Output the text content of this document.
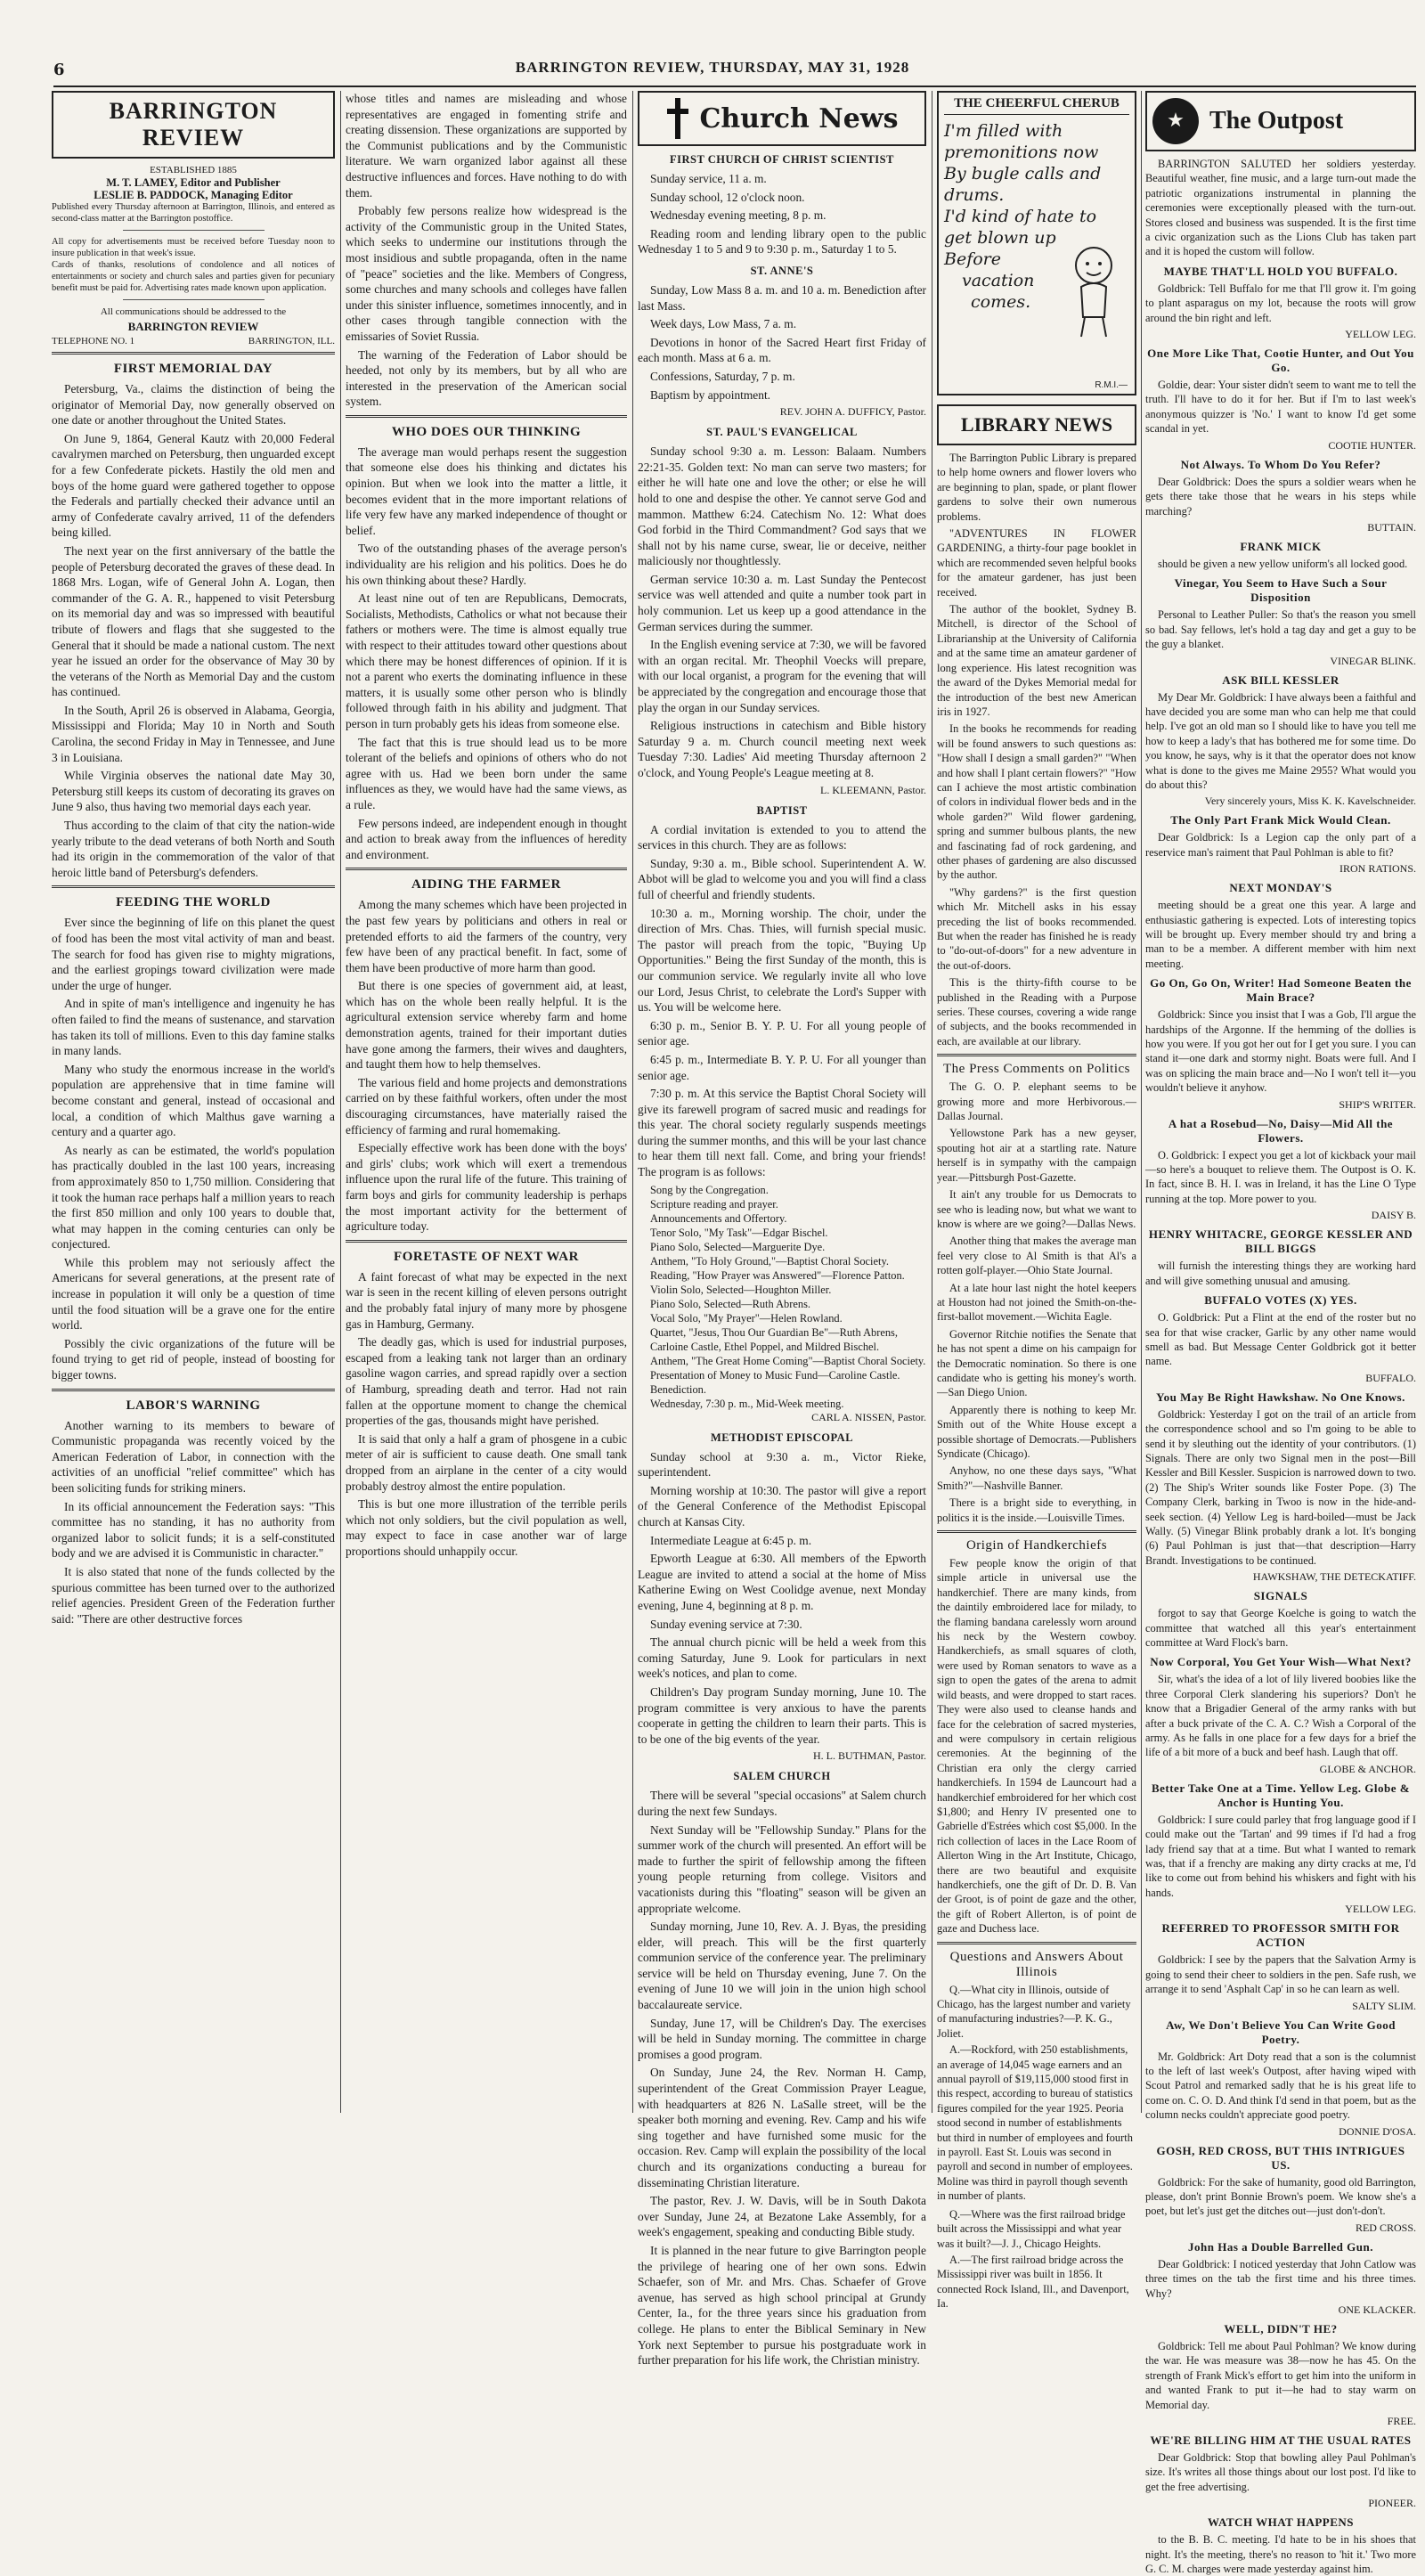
6	BARRINGTON REVIEW, THURSDAY, MAY 31, 1928
BARRINGTON REVIEW

ESTABLISHED 1885

M. T. LAMEY, Editor and Publisher

LESLIE B. PADDOCK, Managing Editor

Published every Thursday afternoon at Barrington, Illinois, and entered as second-class matter at the Barrington postoffice.

All copy for advertisements must be received before Tuesday noon to insure publication in that week's issue.

Cards of thanks, resolutions of condolence and all notices of entertainments or society and church sales and parties given for pecuniary benefit must be paid for. Advertising rates made known upon application.

All communications should be addressed to the

BARRINGTON REVIEW

TELEPHONE NO. 1	BARRINGTON, ILL.
FIRST MEMORIAL DAY

Petersburg, Va., claims the distinction of being the originator of Memorial Day, now generally observed on one date or another throughout the United States.

On June 9, 1864, General Kautz with 20,000 Federal cavalrymen marched on Petersburg, then unguarded except for a few Confederate pickets. Hastily the old men and boys of the home guard were gathered together to oppose the Federals and partially checked their advance until an army of Confederate cavalry arrived, 11 of the defenders being killed.

The next year on the first anniversary of the battle the people of Petersburg decorated the graves of these dead. In 1868 Mrs. Logan, wife of General John A. Logan, then commander of the G. A. R., happened to visit Petersburg on its memorial day and was so impressed with beautiful tribute of flowers and flags that she suggested to the General that it should be made a national custom. The next year he issued an order for the observance of May 30 by the veterans of the North as Memorial Day and the custom has continued.

In the South, April 26 is observed in Alabama, Georgia, Mississippi and Florida; May 10 in North and South Carolina, the second Friday in May in Tennessee, and June 3 in Louisiana.

While Virginia observes the national date May 30, Petersburg still keeps its custom of decorating its graves on June 9 also, thus having two memorial days each year.

Thus according to the claim of that city the nation-wide yearly tribute to the dead veterans of both North and South had its origin in the commemoration of the valor of that heroic little band of Petersburg's defenders.

FEEDING THE WORLD

Ever since the beginning of life on this planet the quest of food has been the most vital activity of man and beast. The search for food has given rise to mighty migrations, and the earliest gropings toward civilization were made under the urge of hunger.

And in spite of man's intelligence and ingenuity he has often failed to find the means of sustenance, and starvation has taken its toll of millions. Even to this day famine stalks in many lands.

Many who study the enormous increase in the world's population are apprehensive that in time famine will become constant and general, instead of occasional and local, a condition of which Malthus gave warning a century and a quarter ago.

As nearly as can be estimated, the world's population has practically doubled in the last 100 years, increasing from approximately 850 to 1,750 million. Considering that it took the human race perhaps half a million years to reach the first 850 million and only 100 years to double that, what may happen in the coming centuries can only be conjectured.

While this problem may not seriously affect the Americans for several generations, at the present rate of increase in population it will only be a question of time until the food situation will be a grave one for the entire world.

Possibly the civic organizations of the future will be found trying to get rid of people, instead of boosting for bigger towns.

LABOR'S WARNING

Another warning to its members to beware of Communistic propaganda was recently voiced by the American Federation of Labor, in connection with the activities of an unofficial "relief committee" which has been soliciting funds for striking miners.

In its official announcement the Federation says: "This committee has no standing, it has no authority from organized labor to solicit funds; it is a self-constituted body and we are advised it is Communistic in character."

It is also stated that none of the funds collected by the spurious committee has been turned over to the authorized relief agencies. President Green of the Federation further said: "There are other destructive forces

whose titles and names are misleading and whose representatives are engaged in fomenting strife and creating dissension. These organizations are supported by the Communist publications and by the Communistic literature. We warn organized labor against all these destructive influences and forces. Have nothing to do with them.

Probably few persons realize how widespread is the activity of the Communistic group in the United States, which seeks to undermine our institutions through the most insidious and subtle propaganda, often in the name of "peace" societies and the like. Members of Congress, some churches and many schools and colleges have fallen under this sinister influence, sometimes innocently, and in other cases through tangible connection with the emissaries of Soviet Russia.

The warning of the Federation of Labor should be heeded, not only by its members, but by all who are interested in the preservation of the American social system.

WHO DOES OUR THINKING

The average man would perhaps resent the suggestion that someone else does his thinking and dictates his opinion. But when we look into the matter a little, it becomes evident that in the more important relations of life very few have any marked independence of thought or belief.

Two of the outstanding phases of the average person's individuality are his religion and his politics. Does he do his own thinking about these? Hardly.

At least nine out of ten are Republicans, Democrats, Socialists, Methodists, Catholics or what not because their fathers or mothers were. The time is almost equally true with respect to their attitudes toward other questions about which there may be honest differences of opinion. If it is not a parent who exerts the dominating influence in these matters, it is usually some other person who is blindly followed through faith in his ability and judgment. That person in turn probably gets his ideas from someone else.

The fact that this is true should lead us to be more tolerant of the beliefs and opinions of others who do not agree with us. Had we been born under the same influences as they, we would have had the same views, as a rule.

Few persons indeed, are independent enough in thought and action to break away from the influences of heredity and environment.

AIDING THE FARMER

Among the many schemes which have been projected in the past few years by politicians and others in real or pretended efforts to aid the farmers of the country, very few have been of any practical benefit. In fact, some of them have been productive of more harm than good.

But there is one species of government aid, at least, which has on the whole been really helpful. It is the agricultural extension service whereby farm and home demonstration agents, trained for their important duties have gone among the farmers, their wives and daughters, and taught them how to help themselves.

The various field and home projects and demonstrations carried on by these faithful workers, often under the most discouraging circumstances, have materially raised the efficiency of farming and rural homemaking.

Especially effective work has been done with the boys' and girls' clubs; work which will exert a tremendous influence upon the rural life of the future. This training of farm boys and girls for community leadership is perhaps the most important activity for the betterment of agriculture today.

FORETASTE OF NEXT WAR

A faint forecast of what may be expected in the next war is seen in the recent killing of eleven persons outright and the probably fatal injury of many more by phosgene gas in Hamburg, Germany.

The deadly gas, which is used for industrial purposes, escaped from a leaking tank not larger than an ordinary gasoline wagon carries, and spread rapidly over a section of Hamburg, spreading death and terror. Had not rain fallen at the opportune moment to change the chemical properties of the gas, thousands might have perished.

It is said that only a half a gram of phosgene in a cubic meter of air is sufficient to cause death. One small tank dropped from an airplane in the center of a city would probably destroy almost the entire population.

This is but one more illustration of the terrible perils which not only soldiers, but the civil population as well, may expect to face in case another war of large proportions should unhappily occur.

Church News
FIRST CHURCH OF CHRIST SCIENTIST

Sunday service, 11 a. m.

Sunday school, 12 o'clock noon.

Wednesday evening meeting, 8 p. m.

Reading room and lending library open to the public Wednesday 1 to 5 and 9 to 9:30 p. m., Saturday 1 to 5.

ST. ANNE'S

Sunday, Low Mass 8 a. m. and 10 a. m. Benediction after last Mass.

Week days, Low Mass, 7 a. m.

Devotions in honor of the Sacred Heart first Friday of each month. Mass at 6 a. m.

Confessions, Saturday, 7 p. m.

Baptism by appointment.

REV. JOHN A. DUFFICY, Pastor.

ST. PAUL'S EVANGELICAL

Sunday school 9:30 a. m. Lesson: Balaam. Numbers 22:21-35. Golden text: No man can serve two masters; for either he will hate one and love the other; or else he will hold to one and despise the other. Ye cannot serve God and mammon. Matthew 6:24. Catechism No. 12: What does God forbid in the Third Commandment? God says that we shall not by his name curse, swear, lie or deceive, neither maliciously nor thoughtlessly.

German service 10:30 a. m. Last Sunday the Pentecost service was well attended and quite a number took part in holy communion. Let us keep up a good attendance in the German services during the summer.

In the English evening service at 7:30, we will be favored with an organ recital. Mr. Theophil Voecks will prepare, with our local organist, a program for the evening that will be appreciated by the congregation and encourage those that play the organ in our Sunday services.

Religious instructions in catechism and Bible history Saturday 9 a. m. Church council meeting next week Tuesday 7:30. Ladies' Aid meeting Thursday afternoon 2 o'clock, and Young People's League meeting at 8.

L. KLEEMANN, Pastor.

BAPTIST

A cordial invitation is extended to you to attend the services in this church. They are as follows:

Sunday, 9:30 a. m., Bible school. Superintendent A. W. Abbot will be glad to welcome you and you will find a class full of cheerful and friendly students.

10:30 a. m., Morning worship. The choir, under the direction of Mrs. Chas. Thies, will furnish special music. The pastor will preach from the topic, "Buying Up Opportunities." Being the first Sunday of the month, this is our communion service. We regularly invite all who love our Lord, Jesus Christ, to celebrate the Lord's Supper with us. You will be welcome here.

6:30 p. m., Senior B. Y. P. U. For all young people of senior age.

6:45 p. m., Intermediate B. Y. P. U. For all younger than senior age.

7:30 p. m. At this service the Baptist Choral Society will give its farewell program of sacred music and readings for this year. The choral society regularly suspends meetings during the summer months, and this will be your last chance to hear them till next fall. Come, and bring your friends! The program is as follows:

Song by the Congregation.

Scripture reading and prayer.

Announcements and Offertory.

Tenor Solo, "My Task"—Edgar Bischel.

Piano Solo, Selected—Marguerite Dye.

Anthem, "To Holy Ground,"—Baptist Choral Society.

Reading, "How Prayer was Answered"—Florence Patton.

Violin Solo, Selected—Houghton Miller.

Piano Solo, Selected—Ruth Abrens.

Vocal Solo, "My Prayer"—Helen Rowland.

Quartet, "Jesus, Thou Our Guardian Be"—Ruth Abrens, Carloine Castle, Ethel Poppel, and Mildred Bischel.

Anthem, "The Great Home Coming"—Baptist Choral Society.

Presentation of Money to Music Fund—Caroline Castle.

Benediction.

Wednesday, 7:30 p. m., Mid-Week meeting.

CARL A. NISSEN, Pastor.

METHODIST EPISCOPAL

Sunday school at 9:30 a. m., Victor Rieke, superintendent.

Morning worship at 10:30. The pastor will give a report of the General Conference of the Methodist Episcopal church at Kansas City.

Intermediate League at 6:45 p. m.

Epworth League at 6:30. All members of the Epworth League are invited to attend a social at the home of Miss Katherine Ewing on West Coolidge avenue, next Monday evening, June 4, beginning at 8 p. m.

Sunday evening service at 7:30.

The annual church picnic will be held a week from this coming Saturday, June 9. Look for particulars in next week's notices, and plan to come.

Children's Day program Sunday morning, June 10. The program committee is very anxious to have the parents cooperate in getting the children to learn their parts. This is to be one of the big events of the year.

H. L. BUTHMAN, Pastor.

SALEM CHURCH

There will be several "special occasions" at Salem church during the next few Sundays.

Next Sunday will be "Fellowship Sunday." Plans for the summer work of the church will presented. An effort will be made to further the spirit of fellowship among the fifteen young people returning from college. Visitors and vacationists during this "floating" season will be given an appropriate welcome.

Sunday morning, June 10, Rev. A. J. Byas, the presiding elder, will preach. This will be the first quarterly communion service of the conference year. The preliminary service will be held on Thursday evening, June 7. On the evening of June 10 we will join in the union high school baccalaureate service.

Sunday, June 17, will be Children's Day. The exercises will be held in Sunday morning. The committee in charge promises a good program.

On Sunday, June 24, the Rev. Norman H. Camp, superintendent of the Great Commission Prayer League, with headquarters at 826 N. LaSalle street, will be the speaker both morning and evening. Rev. Camp and his wife sing together and have furnished some music for the occasion. Rev. Camp will explain the possibility of the local church and its organizations conducting a bureau for disseminating Christian literature.

The pastor, Rev. J. W. Davis, will be in South Dakota over Sunday, June 24, at Bezatone Lake Assembly, for a week's engagement, speaking and conducting Bible study.

It is planned in the near future to give Barrington people the privilege of hearing one of her own sons. Edwin Schaefer, son of Mr. and Mrs. Chas. Schaefer of Grove avenue, has served as high school principal at Grundy Center, Ia., for the three years since his graduation from college. He plans to enter the Biblical Seminary in New York next September to pursue his postgraduate work in further preparation for his life work, the Christian ministry.

THE CHEERFUL CHERUB
I'm filled with
premonitions now
By bugle calls and
drums.
I'd kind of hate to
get blown up
Before
vacation
comes.
R.M.I.—
LIBRARY NEWS

The Barrington Public Library is prepared to help home owners and flower lovers who are beginning to plan, spade, or plant flower gardens to solve their own numerous problems.

"ADVENTURES IN FLOWER GARDENING, a thirty-four page booklet in which are recommended seven helpful books for the amateur gardener, has just been received.

The author of the booklet, Sydney B. Mitchell, is director of the School of Librarianship at the University of California and at the same time an amateur gardener of long experience. His latest recognition was the award of the Dykes Memorial medal for the introduction of the best new American iris in 1927.

In the books he recommends for reading will be found answers to such questions as: "How shall I design a small garden?" "When and how shall I plant certain flowers?" "How can I achieve the most artistic combination of colors in individual flower beds and in the whole garden?" Wild flower gardening, spring and summer bulbous plants, the new and fascinating fad of rock gardening, and other phases of gardening are also discussed by the author.

"Why gardens?" is the first question which Mr. Mitchell asks in his essay preceding the list of books recommended. But when the reader has finished he is ready to "do-out-of-doors" for a new adventure in the out-of-doors.

This is the thirty-fifth course to be published in the Reading with a Purpose series. These courses, covering a wide range of subjects, and the books recommended in each, are available at our library.

The Press Comments on Politics

The G. O. P. elephant seems to be growing more and more Herbivorous.—Dallas Journal.

Yellowstone Park has a new geyser, spouting hot air at a startling rate. Nature herself is in sympathy with the campaign year.—Pittsburgh Post-Gazette.

It ain't any trouble for us Democrats to see who is leading now, but what we want to know is where are we going?—Dallas News.

Another thing that makes the average man feel very close to Al Smith is that Al's a rotten golf-player.—Ohio State Journal.

At a late hour last night the hotel keepers at Houston had not joined the Smith-on-the-first-ballot movement.—Wichita Eagle.

Governor Ritchie notifies the Senate that he has not spent a dime on his campaign for the Democratic nomination. So there is one candidate who is getting his money's worth.—San Diego Union.

Apparently there is nothing to keep Mr. Smith out of the White House except a possible shortage of Democrats.—Publishers Syndicate (Chicago).

Anyhow, no one these days says, "What Smith?"—Nashville Banner.

There is a bright side to everything, in politics it is the inside.—Louisville Times.

Origin of Handkerchiefs

Few people know the origin of that simple article in universal use the handkerchief. There are many kinds, from the daintily embroidered lace for milady, to the flaming bandana carelessly worn around his neck by the Western cowboy. Handkerchiefs, as small squares of cloth, were used by Roman senators to wave as a sign to open the gates of the arena to admit wild beasts, and were dropped to start races. They were also used to cleanse hands and face for the celebration of sacred mysteries, and were compulsory in certain religious ceremonies. At the beginning of the Christian era only the clergy carried handkerchiefs. In 1594 de Launcourt had a handkerchief embroidered for her which cost $1,800; and Henry IV presented one to Gabrielle d'Estrées which cost $5,000. In the rich collection of laces in the Lace Room of Allerton Wing in the Art Institute, Chicago, there are two beautiful and exquisite handkerchiefs, one the gift of Dr. D. B. Van der Groot, is of point de gaze and the other, the gift of Robert Allerton, is of point de gaze and Duchess lace.

Questions and Answers About Illinois

Q.—What city in Illinois, outside of Chicago, has the largest number and variety of manufacturing industries?—P. K. G., Joliet.

A.—Rockford, with 250 establishments, an average of 14,045 wage earners and an annual payroll of $19,115,000 stood first in this respect, according to bureau of statistics figures compiled for the year 1925. Peoria stood second in number of establishments but third in number of employees and fourth in payroll. East St. Louis was second in payroll and second in number of employees. Moline was third in payroll though seventh in number of plants.

Q.—Where was the first railroad bridge built across the Mississippi and what year was it built?—J. J., Chicago Heights.

A.—The first railroad bridge across the Mississippi river was built in 1856. It connected Rock Island, Ill., and Davenport, Ia.

★	The Outpost

BARRINGTON SALUTED her soldiers yesterday. Beautiful weather, fine music, and a large turn-out made the patriotic organizations instrumental in planning the ceremonies were exceptionally pleased with the turn-out. Stores closed and business was suspended. It is the first time a civic organization such as the Lions Club has taken part and it is hoped the custom will follow.

MAYBE THAT'LL HOLD YOU BUFFALO.

Goldbrick: Tell Buffalo for me that I'll grow it. I'm going to plant asparagus on my lot, because the roots will grow around the bin right and left.

YELLOW LEG.

One More Like That, Cootie Hunter, and Out You Go.

Goldie, dear: Your sister didn't seem to want me to tell the truth. I'll have to do it for her. But if I'm to last week's anonymous quizzer is 'No.' I want to know I'd get some scandal in yet.

COOTIE HUNTER.

Not Always. To Whom Do You Refer?

Dear Goldbrick: Does the spurs a soldier wears when he gets there take those that he wears in his steps while marching?

BUTTAIN.

FRANK MICK

should be given a new yellow uniform's all locked good.

Vinegar, You Seem to Have Such a Sour Disposition

Personal to Leather Puller: So that's the reason you smell so bad. Say fellows, let's hold a tag day and get a guy to be the guy a blanket.

VINEGAR BLINK.

ASK BILL KESSLER

My Dear Mr. Goldbrick: I have always been a faithful and have decided you are some man who can help me that could help. I've got an old man so I should like to have you tell me how to keep a lady's that has bothered me for some time. Do you know, he says, why is it that the operator does not know what is done to the gives me Maine 2955? What would you do about this?

Very sincerely yours, Miss K. K. Kavelschneider.

The Only Part Frank Mick Would Clean.

Dear Goldbrick: Is a Legion cap the only part of a reservice man's raiment that Paul Pohlman is able to fit?

IRON RATIONS.

NEXT MONDAY'S

meeting should be a great one this year. A large and enthusiastic gathering is expected. Lots of interesting topics will be brought up. Every member should try and bring a man to be a member. A different member with him next meeting.

Go On, Go On, Writer! Had Someone Beaten the Main Brace?

Goldbrick: Since you insist that I was a Gob, I'll argue the hardships of the Argonne. If the hemming of the dollies is how you were. If you got her out for I get you sure. I you can stand it—one dark and stormy night. Boats were full. And I was on splicing the main brace and—No I won't tell it—you wouldn't believe it anyhow.

SHIP'S WRITER.

A hat a Rosebud—No, Daisy—Mid All the Flowers.

O. Goldbrick: I expect you get a lot of kickback your mail—so here's a bouquet to relieve them. The Outpost is O. K. In fact, since B. H. I. was in Ireland, it has the Line O Type running at the top. More power to you.

DAISY B.

HENRY WHITACRE, GEORGE KESSLER AND BILL BIGGS

will furnish the interesting things they are working hard and will give something unusual and amusing.

BUFFALO VOTES (X) YES.

O. Goldbrick: Put a Flint at the end of the roster but no sea for that wise cracker, Garlic by any other name would smell as bad. But Message Center Goldbrick got it better name.

BUFFALO.

You May Be Right Hawkshaw. No One Knows.

Goldbrick: Yesterday I got on the trail of an article from the correspondence school and so I'm going to be able to send it by sleuthing out the identity of your contributors. (1) Signals. There are only two Signal men in the post—Bill Kessler and Bill Kessler. Suspicion is narrowed down to two. (2) The Ship's Writer sounds like Foster Pope. (3) The Company Clerk, barking in Twoo is now in the hide-and-seek section. (4) Yellow Leg is hard-boiled—must be Jack Wally. (5) Vinegar Blink probably drank a lot. It's bonging (6) Paul Pohlman is just that—that description—Harry Brandt. Investigations to be continued.

HAWKSHAW, THE DETECKATIFF.

SIGNALS

forgot to say that George Koelche is going to watch the committee that watched all this year's entertainment committee at Ward Flock's barn.

Now Corporal, You Get Your Wish—What Next?

Sir, what's the idea of a lot of lily livered boobies like the three Corporal Clerk slandering his superiors? Don't he know that a Brigadier General of the army ranks with but after a buck private of the C. A. C.? Wish a Corporal of the army. As he falls in one place for a few days for a brief the life of a bit more of a buck and beef hash. Laugh that off.

GLOBE & ANCHOR.

Better Take One at a Time. Yellow Leg. Globe & Anchor is Hunting You.

Goldbrick: I sure could parley that frog language good if I could make out the 'Tartan' and 99 times if I'd had a frog lady friend say that at a time. But what I wanted to remark was, that if a frenchy are making any dirty cracks at me, I'd like to come out from behind his whiskers and fight with his hands.

YELLOW LEG.

REFERRED TO PROFESSOR SMITH FOR ACTION

Goldbrick: I see by the papers that the Salvation Army is going to send their cheer to soldiers in the pen. Safe rush, we arrange it to send 'Asphalt Cap' in so he can learn as well.

SALTY SLIM.

Aw, We Don't Believe You Can Write Good Poetry.

Mr. Goldbrick: Art Doty read that a son is the columnist to the left of last week's Outpost, after having wiped with Scout Patrol and remarked sadly that he is his great life to come on. C. O. D. And think I'd send in that poem, but as the column necks couldn't appreciate good poetry.

DONNIE D'OSA.

GOSH, RED CROSS, BUT THIS INTRIGUES US.

Goldbrick: For the sake of humanity, good old Barrington, please, don't print Bonnie Brown's poem. We know she's a poet, but let's just get the ditches out—just don't-don't.

RED CROSS.

John Has a Double Barrelled Gun.

Dear Goldbrick: I noticed yesterday that John Catlow was three times on the tab the first time and his three times. Why?

ONE KLACKER.

WELL, DIDN'T HE?

Goldbrick: Tell me about Paul Pohlman? We know during the war. He was measure was 38—now he has 45. On the strength of Frank Mick's effort to get him into the uniform in and wanted Frank to put it—he had to stay warm on Memorial day.

FREE.

WE'RE BILLING HIM AT THE USUAL RATES

Dear Goldbrick: Stop that bowling alley Paul Pohlman's size. It's writes all those things about our lost post. I'd like to get the free advertising.

PIONEER.

WATCH WHAT HAPPENS

to the B. B. C. meeting. I'd hate to be in his shoes that night. It's the meeting, there's no reason to 'hit it.' Two more G. C. M. charges were made yesterday against him.
